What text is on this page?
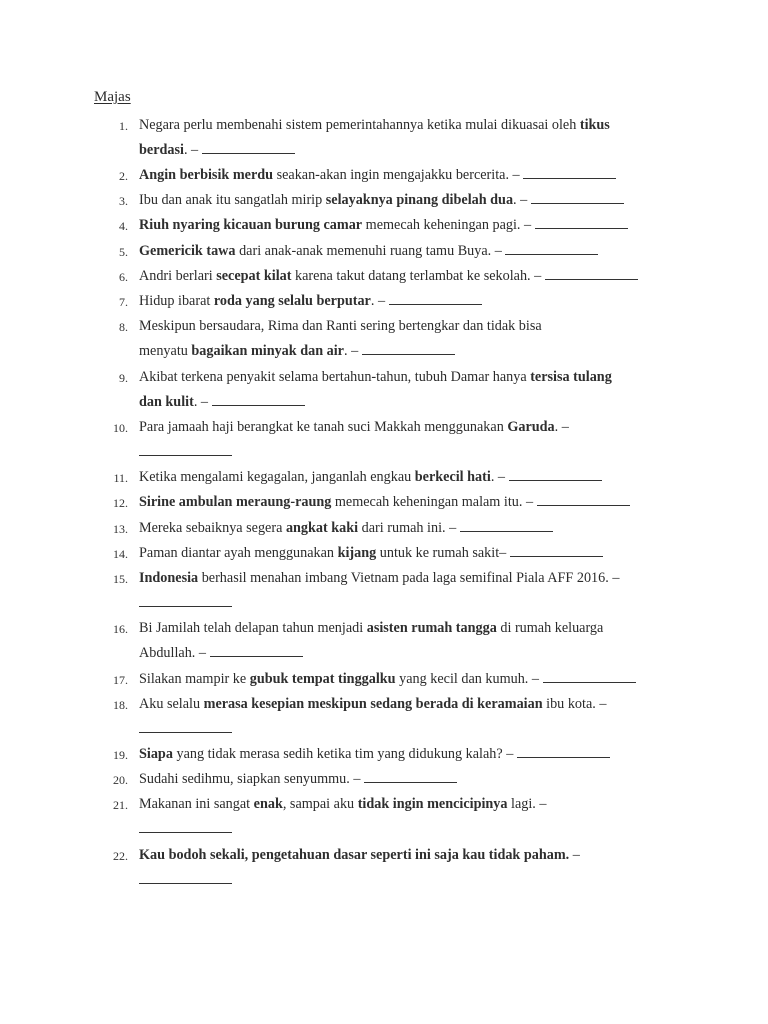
Majas
1. Negara perlu membenahi sistem pemerintahannya ketika mulai dikuasai oleh tikus
berdasi. –
2. Angin berbisik merdu seakan-akan ingin mengajakku bercerita. –
3. Ibu dan anak itu sangatlah mirip selayaknya pinang dibelah dua. –
4. Riuh nyaring kicauan burung camar memecah keheningan pagi. –
5. Gemericik tawa dari anak-anak memenuhi ruang tamu Buya. –
6. Andri berlari secepat kilat karena takut datang terlambat ke sekolah. –
7. Hidup ibarat roda yang selalu berputar. –
8. Meskipun bersaudara, Rima dan Ranti sering bertengkar dan tidak bisa
menyatu bagaikan minyak dan air. –
9. Akibat terkena penyakit selama bertahun-tahun, tubuh Damar hanya tersisa tulang
dan kulit. –
10. Para jamaah haji berangkat ke tanah suci Makkah menggunakan Garuda. –
11. Ketika mengalami kegagalan, janganlah engkau berkecil hati. –
12. Sirine ambulan meraung-raung memecah keheningan malam itu. –
13. Mereka sebaiknya segera angkat kaki dari rumah ini. –
14. Paman diantar ayah menggunakan kijang untuk ke rumah sakit–
15. Indonesia berhasil menahan imbang Vietnam pada laga semifinal Piala AFF 2016. –
16. Bi Jamilah telah delapan tahun menjadi asisten rumah tangga di rumah keluarga
Abdullah. –
17. Silakan mampir ke gubuk tempat tinggalku yang kecil dan kumuh. –
18. Aku selalu merasa kesepian meskipun sedang berada di keramaian ibu kota. –
19. Siapa yang tidak merasa sedih ketika tim yang didukung kalah? –
20. Sudahi sedihmu, siapkan senyummu. –
21. Makanan ini sangat enak, sampai aku tidak ingin mencicipinya lagi. –
22. Kau bodoh sekali, pengetahuan dasar seperti ini saja kau tidak paham. –
